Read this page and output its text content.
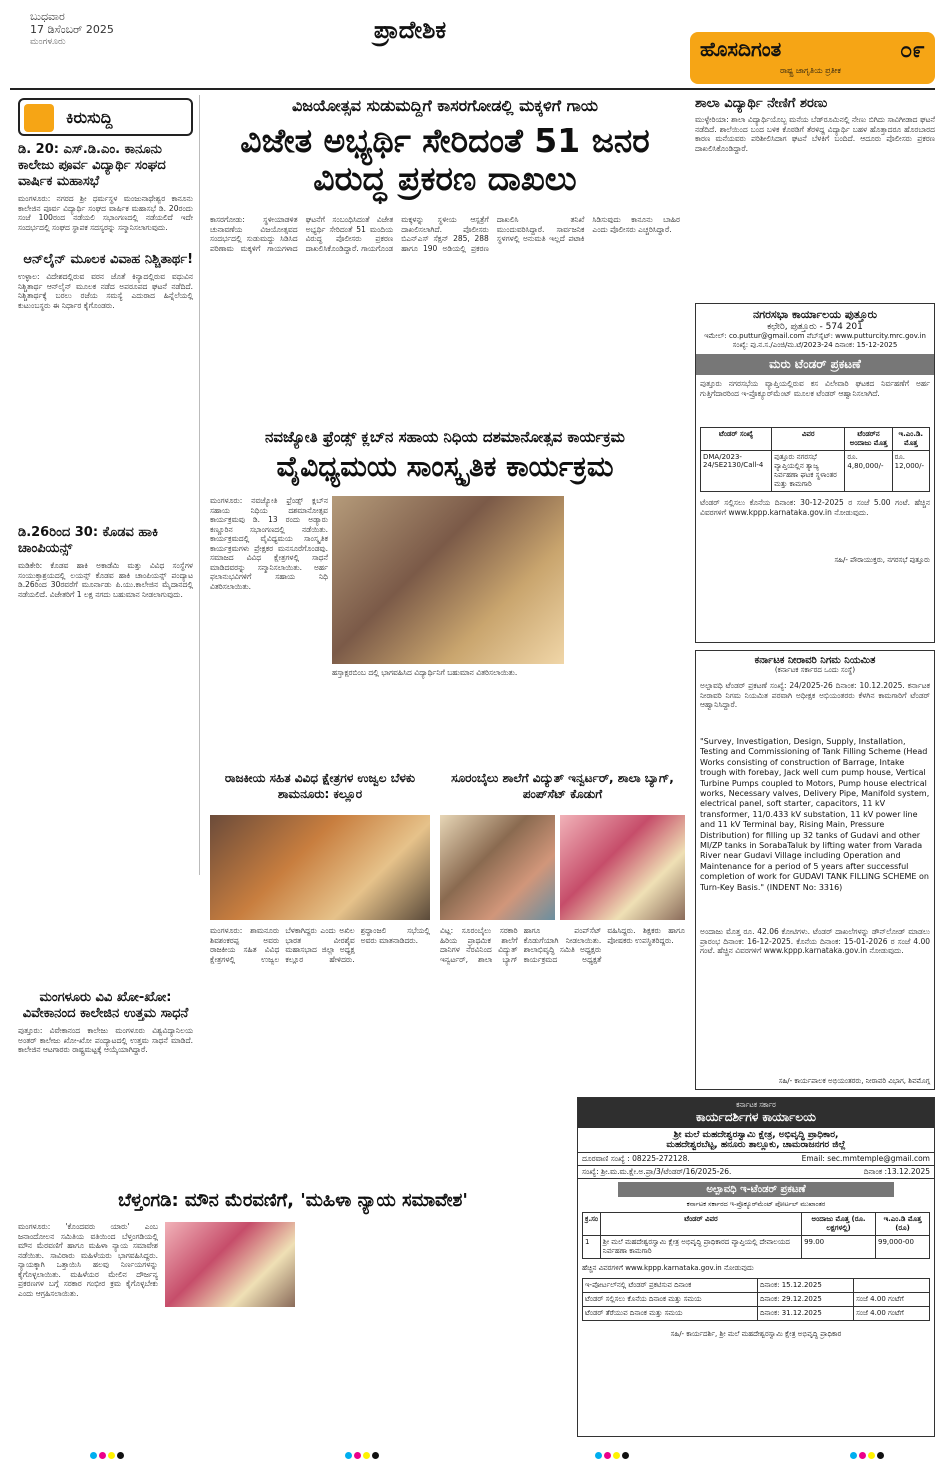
ಬುಧವಾರ
17 ಡಿಸೆಂಬರ್ 2025
ಮಂಗಳೂರು	ಪ್ರಾದೇಶಿಕ
ಹೊಸದಿಗಂತ
ರಾಷ್ಟ್ರ ಜಾಗೃತಿಯ ಪ್ರತೀಕ
೦೯
ಕಿರುಸುದ್ದಿ
ಡಿ. 20: ಎಸ್.ಡಿ.ಎಂ. ಕಾನೂನು ಕಾಲೇಜು ಪೂರ್ವ ವಿದ್ಯಾರ್ಥಿ ಸಂಘದ ವಾರ್ಷಿಕ ಮಹಾಸಭೆ
ಮಂಗಳೂರು: ನಗರದ ಶ್ರೀ ಧರ್ಮಸ್ಥಳ ಮಂಜುನಾಥೇಶ್ವರ ಕಾನೂನು ಕಾಲೇಜಿನ ಪೂರ್ವ ವಿದ್ಯಾರ್ಥಿ ಸಂಘದ ವಾರ್ಷಿಕ ಮಹಾಸಭೆ ಡಿ. 20ರಂದು ಸಂಜೆ 100ರಂದ ನಡೆಯಲಿ ಸಭಾಂಗಣದಲ್ಲಿ ನಡೆಯಲಿದೆ ಇದೇ ಸಂದರ್ಭದಲ್ಲಿ ಸಂಘದ ಸ್ಥಾಪಕ ಸದಸ್ಯರನ್ನು ಸನ್ಮಾನಿಸಲಾಗುವುದು.
ಆನ್‌ಲೈನ್ ಮೂಲಕ ವಿವಾಹ ನಿಶ್ಚಿತಾರ್ಥ!
ಉಳ್ಳಾಲ: ವಿದೇಶದಲ್ಲಿರುವ ವರನ ಜೊತೆ ಕಿನ್ಯಾದಲ್ಲಿರುವ ವಧುವಿನ ನಿಶ್ಚಿತಾರ್ಥ ಆನ್‌ಲೈನ್ ಮೂಲಕ ನಡೆದ ಅಪರೂಪದ ಘಟನೆ ನಡೆದಿದೆ. ನಿಶ್ಚಿತಾರ್ಥಕ್ಕೆ ಬರಲು ರಜೆಯ ಸಮಸ್ಯೆ ಎದುರಾದ ಹಿನ್ನೆಲೆಯಲ್ಲಿ ಕುಟುಂಬಸ್ಥರು ಈ ನಿರ್ಧಾರ ಕೈಗೊಂಡರು.
ಡಿ.26ರಿಂದ 30: ಕೊಡವ ಹಾಕಿ ಚಾಂಪಿಯನ್ಸ್
ಮಡಿಕೇರಿ: ಕೊಡವ ಹಾಕಿ ಅಕಾಡೆಮಿ ಮತ್ತು ವಿವಿಧ ಸಂಸ್ಥೆಗಳ ಸಂಯುಕ್ತಾಶ್ರಯದಲ್ಲಿ ಲಯನ್ಸ್ ಕೊಡವ ಹಾಕಿ ಚಾಂಪಿಯನ್ಸ್ ಪಂದ್ಯಾಟ ಡಿ.26ರಿಂದ 30ರವರೆಗೆ ಮೂರ್ನಾಡು ಪಿ.ಯು.ಕಾಲೇಜಿನ ಮೈದಾನದಲ್ಲಿ ನಡೆಯಲಿದೆ. ವಿಜೇತರಿಗೆ 1 ಲಕ್ಷ ನಗದು ಬಹುಮಾನ ನೀಡಲಾಗುವುದು.
ಮಂಗಳೂರು ವಿವಿ ಖೋ-ಖೋ: ವಿವೇಕಾನಂದ ಕಾಲೇಜಿನ ಉತ್ತಮ ಸಾಧನೆ
ಪುತ್ತೂರು: ವಿವೇಕಾನಂದ ಕಾಲೇಜು ಮಂಗಳೂರು ವಿಶ್ವವಿದ್ಯಾನಿಲಯ ಅಂತರ್ ಕಾಲೇಜು ಖೋ-ಖೋ ಪಂದ್ಯಾಟದಲ್ಲಿ ಉತ್ತಮ ಸಾಧನೆ ಮಾಡಿದೆ. ಕಾಲೇಜಿನ ಆಟಗಾರರು ರಾಷ್ಟ್ರಮಟ್ಟಕ್ಕೆ ಆಯ್ಕೆಯಾಗಿದ್ದಾರೆ.
ವಿಜಯೋತ್ಸವ ಸುಡುಮದ್ದಿಗೆ ಕಾಸರಗೋಡಲ್ಲಿ ಮಕ್ಕಳಿಗೆ ಗಾಯ
ವಿಜೇತ ಅಭ್ಯರ್ಥಿ ಸೇರಿದಂತೆ 51 ಜನರ ವಿರುದ್ಧ ಪ್ರಕರಣ ದಾಖಲು
ಕಾಸರಗೋಡು: ಸ್ಥಳೀಯಾಡಳಿತ ಚುನಾವಣೆಯ ವಿಜಯೋತ್ಸವದ ಸಂದರ್ಭದಲ್ಲಿ ಸುಡುಮದ್ದು ಸಿಡಿಸಿದ ಪರಿಣಾಮ ಮಕ್ಕಳಿಗೆ ಗಾಯಗಳಾದ ಘಟನೆಗೆ ಸಂಬಂಧಿಸಿದಂತೆ ವಿಜೇತ ಅಭ್ಯರ್ಥಿ ಸೇರಿದಂತೆ 51 ಮಂದಿಯ ವಿರುದ್ಧ ಪೊಲೀಸರು ಪ್ರಕರಣ ದಾಖಲಿಸಿಕೊಂಡಿದ್ದಾರೆ. ಗಾಯಗೊಂಡ ಮಕ್ಕಳನ್ನು ಸ್ಥಳೀಯ ಆಸ್ಪತ್ರೆಗೆ ದಾಖಲಿಸಲಾಗಿದೆ. ಪೊಲೀಸರು ಬಿಎನ್‌ಎಸ್ ಸೆಕ್ಷನ್ 285, 288 ಹಾಗೂ 190 ಅಡಿಯಲ್ಲಿ ಪ್ರಕರಣ ದಾಖಲಿಸಿ ತನಿಖೆ ಮುಂದುವರಿಸಿದ್ದಾರೆ. ಸಾರ್ವಜನಿಕ ಸ್ಥಳಗಳಲ್ಲಿ ಅನುಮತಿ ಇಲ್ಲದೆ ಪಟಾಕಿ ಸಿಡಿಸುವುದು ಕಾನೂನು ಬಾಹಿರ ಎಂದು ಪೊಲೀಸರು ಎಚ್ಚರಿಸಿದ್ದಾರೆ.
ಶಾಲಾ ವಿದ್ಯಾರ್ಥಿ ನೇಣಿಗೆ ಶರಣು
ಮುಳ್ಳೇರಿಯಾ: ಶಾಲಾ ವಿದ್ಯಾರ್ಥಿಯೊಬ್ಬ ಮನೆಯ ಬೆಡ್‌ರೂಮಿನಲ್ಲಿ ನೇಣು ಬಿಗಿದು ಸಾವಿಗೀಡಾದ ಘಟನೆ ನಡೆದಿದೆ. ಶಾಲೆಯಿಂದ ಬಂದ ಬಳಿಕ ಕೊಠಡಿಗೆ ತೆರಳಿದ್ದ ವಿದ್ಯಾರ್ಥಿ ಬಹಳ ಹೊತ್ತಾದರೂ ಹೊರಬಾರದ ಕಾರಣ ಮನೆಯವರು ಪರಿಶೀಲಿಸಿದಾಗ ಘಟನೆ ಬೆಳಕಿಗೆ ಬಂದಿದೆ. ಆದೂರು ಪೊಲೀಸರು ಪ್ರಕರಣ ದಾಖಲಿಸಿಕೊಂಡಿದ್ದಾರೆ.
ನಗರಸಭಾ ಕಾರ್ಯಾಲಯ ಪುತ್ತೂರು
ಕಛೇರಿ, ಪುತ್ತೂರು - 574 201
ಇಮೇಲ್: co.puttur@gmail.com ವೆಬ್‌ಸೈಟ್: www.putturcity.mrc.gov.in
ಸಂಖ್ಯೆ: ಪು.ನ.ಸ./ಎಂಜಿ/ಮ.ಟೆ/2023-24 ದಿನಾಂಕ: 15-12-2025
ಮರು ಟೆಂಡರ್ ಪ್ರಕಟಣೆ
ಪುತ್ತೂರು ನಗರಸಭೆಯ ವ್ಯಾಪ್ತಿಯಲ್ಲಿರುವ ಕಸ ವಿಲೇವಾರಿ ಘಟಕದ ನಿರ್ವಹಣೆಗೆ ಅರ್ಹ ಗುತ್ತಿಗೆದಾರರಿಂದ ಇ-ಪ್ರೊಕ್ಯೂರ್‌ಮೆಂಟ್ ಮೂಲಕ ಟೆಂಡರ್ ಆಹ್ವಾನಿಸಲಾಗಿದೆ.
ಟೆಂಡರ್ ಸಂಖ್ಯೆ	ವಿವರ	ಟೆಂಡರ್‌ನ ಅಂದಾಜು ಮೊತ್ತ	ಇ.ಎಂ.ಡಿ. ಮೊತ್ತ
DMA/2023-24/SE2130/Call-4	ಪುತ್ತೂರು ನಗರಸಭೆ ವ್ಯಾಪ್ತಿಯಲ್ಲಿನ ತ್ಯಾಜ್ಯ ನಿರ್ವಹಣಾ ಘಟಕ ಸ್ಥಳಾಂತರ ಮತ್ತು ಕಾಮಗಾರಿ	ರೂ. 4,80,000/-	ರೂ. 12,000/-
ಟೆಂಡರ್ ಸಲ್ಲಿಸಲು ಕೊನೆಯ ದಿನಾಂಕ: 30-12-2025 ರ ಸಂಜೆ 5.00 ಗಂಟೆ. ಹೆಚ್ಚಿನ ವಿವರಗಳಿಗೆ www.kppp.karnataka.gov.in ನೋಡುವುದು.
ಸಹಿ/- ಪೌರಾಯುಕ್ತರು, ನಗರಸಭೆ ಪುತ್ತೂರು
ನವಜ್ಯೋತಿ ಫ್ರೆಂಡ್ಸ್ ಕ್ಲಬ್‌ನ ಸಹಾಯ ನಿಧಿಯ ದಶಮಾನೋತ್ಸವ ಕಾರ್ಯಕ್ರಮ
ವೈವಿಧ್ಯಮಯ ಸಾಂಸ್ಕೃತಿಕ ಕಾರ್ಯಕ್ರಮ
ಮಂಗಳೂರು: ನವಜ್ಯೋತಿ ಫ್ರೆಂಡ್ಸ್ ಕ್ಲಬ್‌ನ ಸಹಾಯ ನಿಧಿಯ ದಶಮಾನೋತ್ಸವ ಕಾರ್ಯಕ್ರಮವು ಡಿ. 13 ರಂದು ಅಡ್ಯಾರು ಕಣ್ಣೂರಿನ ಸಭಾಂಗಣದಲ್ಲಿ ನಡೆಯಿತು. ಕಾರ್ಯಕ್ರಮದಲ್ಲಿ ವೈವಿಧ್ಯಮಯ ಸಾಂಸ್ಕೃತಿಕ ಕಾರ್ಯಕ್ರಮಗಳು ಪ್ರೇಕ್ಷಕರ ಮನಸೂರೆಗೊಂಡವು. ಸಮಾಜದ ವಿವಿಧ ಕ್ಷೇತ್ರಗಳಲ್ಲಿ ಸಾಧನೆ ಮಾಡಿದವರನ್ನು ಸನ್ಮಾನಿಸಲಾಯಿತು. ಅರ್ಹ ಫಲಾನುಭವಿಗಳಿಗೆ ಸಹಾಯ ನಿಧಿ ವಿತರಿಸಲಾಯಿತು.
ಹಸ್ತಾಕ್ಷರಬಿಂಬ ದಲ್ಲಿ ಭಾಗವಹಿಸಿದ ವಿದ್ಯಾರ್ಥಿನಿಗೆ ಬಹುಮಾನ ವಿತರಿಸಲಾಯಿತು.
ಕರ್ನಾಟಕ ನೀರಾವರಿ ನಿಗಮ ನಿಯಮಿತ
(ಕರ್ನಾಟಕ ಸರ್ಕಾರದ ಒಂದು ಸಂಸ್ಥೆ)
ಅಲ್ಪಾವಧಿ ಟೆಂಡರ್ ಪ್ರಕಟಣೆ ಸಂಖ್ಯೆ: 24/2025-26 ದಿನಾಂಕ: 10.12.2025. ಕರ್ನಾಟಕ ನೀರಾವರಿ ನಿಗಮ ನಿಯಮಿತ ಪರವಾಗಿ ಅಧೀಕ್ಷಕ ಅಭಿಯಂತರರು ಕೆಳಗಿನ ಕಾಮಗಾರಿಗೆ ಟೆಂಡರ್ ಆಹ್ವಾನಿಸಿದ್ದಾರೆ.
"Survey, Investigation, Design, Supply, Installation, Testing and Commissioning of Tank Filling Scheme (Head Works consisting of construction of Barrage, Intake trough with forebay, Jack well cum pump house, Vertical Turbine Pumps coupled to Motors, Pump house electrical works, Necessary valves, Delivery Pipe, Manifold system, electrical panel, soft starter, capacitors, 11 kV transformer, 11/0.433 kV substation, 11 kV power line and 11 kV Terminal bay, Rising Main, Pressure Distribution) for filling up 32 tanks of Gudavi and other MI/ZP tanks in SorabaTaluk by lifting water from Varada River near Gudavi Village including Operation and Maintenance for a period of 5 years after successful completion of work for GUDAVI TANK FILLING SCHEME on Turn-Key Basis." (INDENT No: 3316)
ಅಂದಾಜು ಮೊತ್ತ ರೂ. 42.06 ಕೋಟಿಗಳು. ಟೆಂಡರ್ ದಾಖಲೆಗಳನ್ನು ಡೌನ್‌ಲೋಡ್ ಮಾಡಲು ಪ್ರಾರಂಭ ದಿನಾಂಕ: 16-12-2025. ಕೊನೆಯ ದಿನಾಂಕ: 15-01-2026 ರ ಸಂಜೆ 4.00 ಗಂಟೆ. ಹೆಚ್ಚಿನ ವಿವರಗಳಿಗೆ www.kppp.karnataka.gov.in ನೋಡುವುದು.
ಸಹಿ/- ಕಾರ್ಯಪಾಲಕ ಅಭಿಯಂತರರು, ನೀರಾವರಿ ವಿಭಾಗ, ಶಿವಮೊಗ್ಗ
ರಾಜಕೀಯ ಸಹಿತ ವಿವಿಧ ಕ್ಷೇತ್ರಗಳ ಉಜ್ವಲ ಬೆಳಕು ಶಾಮನೂರು: ಕಲ್ಲೂರ
ಮಂಗಳೂರು: ಶಾಮನೂರು ಶಿವಶಂಕರಪ್ಪ ಅವರು ರಾಜಕೀಯ ಸಹಿತ ವಿವಿಧ ಕ್ಷೇತ್ರಗಳಲ್ಲಿ ಉಜ್ವಲ ಬೆಳಕಾಗಿದ್ದರು ಎಂದು ಅಖಿಲ ಭಾರತ ವೀರಶೈವ ಮಹಾಸಭಾದ ಜಿಲ್ಲಾ ಅಧ್ಯಕ್ಷ ಕಲ್ಲೂರ ಹೇಳಿದರು. ಶ್ರದ್ಧಾಂಜಲಿ ಸಭೆಯಲ್ಲಿ ಅವರು ಮಾತನಾಡಿದರು.
ಸೂರಂಬೈಲು ಶಾಲೆಗೆ ವಿದ್ಯುತ್ ಇನ್ವರ್ಟರ್, ಶಾಲಾ ಬ್ಯಾಗ್, ಪಂಪ್‌ಸೆಟ್ ಕೊಡುಗೆ
ವಿಟ್ಲ: ಸೂರಂಬೈಲು ಸರಕಾರಿ ಹಿರಿಯ ಪ್ರಾಥಮಿಕ ಶಾಲೆಗೆ ದಾನಿಗಳ ನೆರವಿನಿಂದ ವಿದ್ಯುತ್ ಇನ್ವರ್ಟರ್, ಶಾಲಾ ಬ್ಯಾಗ್ ಹಾಗೂ ಪಂಪ್‌ಸೆಟ್ ಕೊಡುಗೆಯಾಗಿ ನೀಡಲಾಯಿತು. ಶಾಲಾಭಿವೃದ್ಧಿ ಸಮಿತಿ ಅಧ್ಯಕ್ಷರು ಕಾರ್ಯಕ್ರಮದ ಅಧ್ಯಕ್ಷತೆ ವಹಿಸಿದ್ದರು. ಶಿಕ್ಷಕರು ಹಾಗೂ ಪೋಷಕರು ಉಪಸ್ಥಿತರಿದ್ದರು.
ಕರ್ನಾಟಕ ಸರ್ಕಾರ
ಕಾರ್ಯದರ್ಶಿಗಳ ಕಾರ್ಯಾಲಯ
ಶ್ರೀ ಮಲೆ ಮಹದೇಶ್ವರಸ್ವಾಮಿ ಕ್ಷೇತ್ರ, ಅಭಿವೃದ್ಧಿ ಪ್ರಾಧಿಕಾರ,
ಮಹದೇಶ್ವರಬೆಟ್ಟ, ಹನೂರು ತಾಲ್ಲೂಕು, ಚಾಮರಾಜನಗರ ಜಿಲ್ಲೆ
ದೂರವಾಣಿ ಸಂಖ್ಯೆ : 08225-272128.	Email: sec.mmtemple@gmail.com
ಸಂಖ್ಯೆ: ಶ್ರೀ.ಮ.ಮ.ಕ್ಷೇ.ಅ.ಪ್ರಾ/3/ಟೆಂಡರ್/16/2025-26.	ದಿನಾಂಕ :13.12.2025
ಅಲ್ಪಾವಧಿ ಇ-ಟೆಂಡರ್ ಪ್ರಕಟಣೆ
ಕರ್ನಾಟಕ ಸರ್ಕಾರದ ಇ-ಪ್ರೊಕ್ಯೂರ್‌ಮೆಂಟ್ ಪೋರ್ಟಲ್ ಮುಖಾಂತರ
ಕ್ರ.ಸಂ	ಟೆಂಡರ್ ವಿವರ	ಅಂದಾಜು ಮೊತ್ತ (ರೂ. ಲಕ್ಷಗಳಲ್ಲಿ)	ಇ.ಎಂ.ಡಿ ಮೊತ್ತ (ರೂ)
1	ಶ್ರೀ ಮಲೆ ಮಹದೇಶ್ವರಸ್ವಾಮಿ ಕ್ಷೇತ್ರ ಅಭಿವೃದ್ಧಿ ಪ್ರಾಧಿಕಾರದ ವ್ಯಾಪ್ತಿಯಲ್ಲಿ ದೇವಾಲಯದ ನಿರ್ವಹಣಾ ಕಾಮಗಾರಿ	99.00	99,000-00
ಹೆಚ್ಚಿನ ವಿವರಗಳಿಗೆ www.kppp.karnataka.gov.in ನೋಡುವುದು
ಇ-ಪೋರ್ಟಲ್‌ನಲ್ಲಿ ಟೆಂಡರ್ ಪ್ರಕಟಿಸುವ ದಿನಾಂಕ	ದಿನಾಂಕ: 15.12.2025	
ಟೆಂಡರ್ ಸಲ್ಲಿಸಲು ಕೊನೆಯ ದಿನಾಂಕ ಮತ್ತು ಸಮಯ	ದಿನಾಂಕ: 29.12.2025	ಸಂಜೆ 4.00 ಗಂಟೆಗೆ
ಟೆಂಡರ್ ತೆರೆಯುವ ದಿನಾಂಕ ಮತ್ತು ಸಮಯ	ದಿನಾಂಕ: 31.12.2025	ಸಂಜೆ 4.00 ಗಂಟೆಗೆ
ಸಹಿ/- ಕಾರ್ಯದರ್ಶಿ, ಶ್ರೀ ಮಲೆ ಮಹದೇಶ್ವರಸ್ವಾಮಿ ಕ್ಷೇತ್ರ ಅಭಿವೃದ್ಧಿ ಪ್ರಾಧಿಕಾರ
ಬೆಳ್ತಂಗಡಿ: ಮೌನ ಮೆರವಣಿಗೆ, 'ಮಹಿಳಾ ನ್ಯಾಯ ಸಮಾವೇಶ'
ಮಂಗಳೂರು: 'ಕೊಂದವರು ಯಾರು' ಎಂಬ ಜನಾಂದೋಲನ ಸಮಿತಿಯ ವತಿಯಿಂದ ಬೆಳ್ತಂಗಡಿಯಲ್ಲಿ ಮೌನ ಮೆರವಣಿಗೆ ಹಾಗೂ ಮಹಿಳಾ ನ್ಯಾಯ ಸಮಾವೇಶ ನಡೆಯಿತು. ಸಾವಿರಾರು ಮಹಿಳೆಯರು ಭಾಗವಹಿಸಿದ್ದರು. ನ್ಯಾಯಕ್ಕಾಗಿ ಒತ್ತಾಯಿಸಿ ಹಲವು ನಿರ್ಣಯಗಳನ್ನು ಕೈಗೊಳ್ಳಲಾಯಿತು. ಮಹಿಳೆಯರ ಮೇಲಿನ ದೌರ್ಜನ್ಯ ಪ್ರಕರಣಗಳ ಬಗ್ಗೆ ಸರಕಾರ ಗಂಭೀರ ಕ್ರಮ ಕೈಗೊಳ್ಳಬೇಕು ಎಂದು ಆಗ್ರಹಿಸಲಾಯಿತು.
